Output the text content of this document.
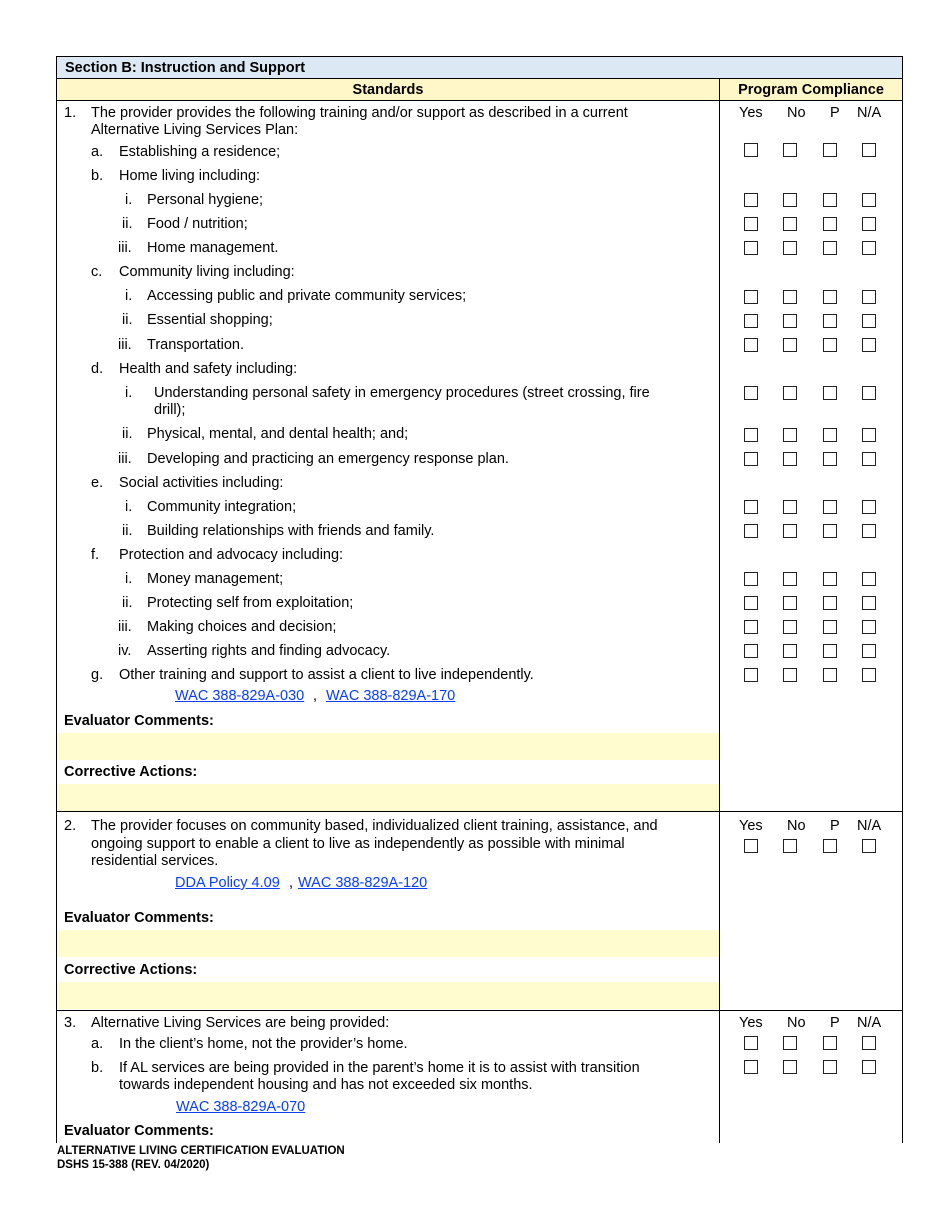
Section B: Instruction and Support
Standards	Program Compliance
1. The provider provides the following training and/or support as described in a current
Alternative Living Services Plan:
a. Establishing a residence;
b. Home living including:
i. Personal hygiene;
ii. Food / nutrition;
iii. Home management.
c. Community living including:
i. Accessing public and private community services;
ii. Essential shopping;
iii. Transportation.
d. Health and safety including:
i. Understanding personal safety in emergency procedures (street crossing, fire
drill);
ii. Physical, mental, and dental health; and;
iii. Developing and practicing an emergency response plan.
e. Social activities including:
i. Community integration;
ii. Building relationships with friends and family.
f. Protection and advocacy including:
i. Money management;
ii. Protecting self from exploitation;
iii. Making choices and decision;
iv. Asserting rights and finding advocacy.
g. Other training and support to assist a client to live independently.
WAC 388-829A-030 , WAC 388-829A-170
Evaluator Comments:
Corrective Actions:
Yes No P N/A
2. The provider focuses on community based, individualized client training, assistance, and
ongoing support to enable a client to live as independently as possible with minimal
residential services.
DDA Policy 4.09 , WAC 388-829A-120
Evaluator Comments:
Corrective Actions:
Yes No P N/A
3. Alternative Living Services are being provided:
a. In the client’s home, not the provider’s home.
b. If AL services are being provided in the parent’s home it is to assist with transition
towards independent housing and has not exceeded six months.
WAC 388-829A-070
Evaluator Comments:
Yes No P N/A
ALTERNATIVE LIVING CERTIFICATION EVALUATION
DSHS 15-388 (REV. 04/2020)
